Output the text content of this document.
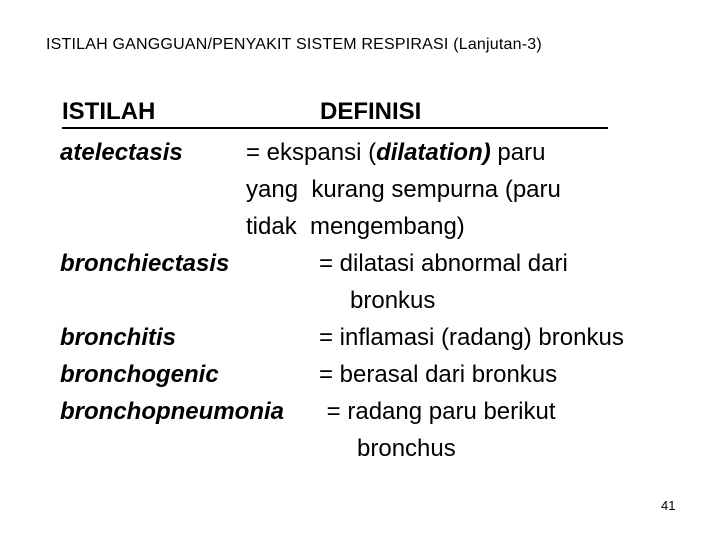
ISTILAH GANGGUAN/PENYAKIT SISTEM RESPIRASI (Lanjutan-3)
ISTILAH	DEFINISI
atelectasis	= ekspansi (dilatation) paru
yang  kurang sempurna (paru
tidak  mengembang)
bronchiectasis	= dilatasi abnormal dari
bronkus
bronchitis	= inflamasi (radang) bronkus
bronchogenic	= berasal dari bronkus
bronchopneumonia = radang paru berikut
bronchus
41
